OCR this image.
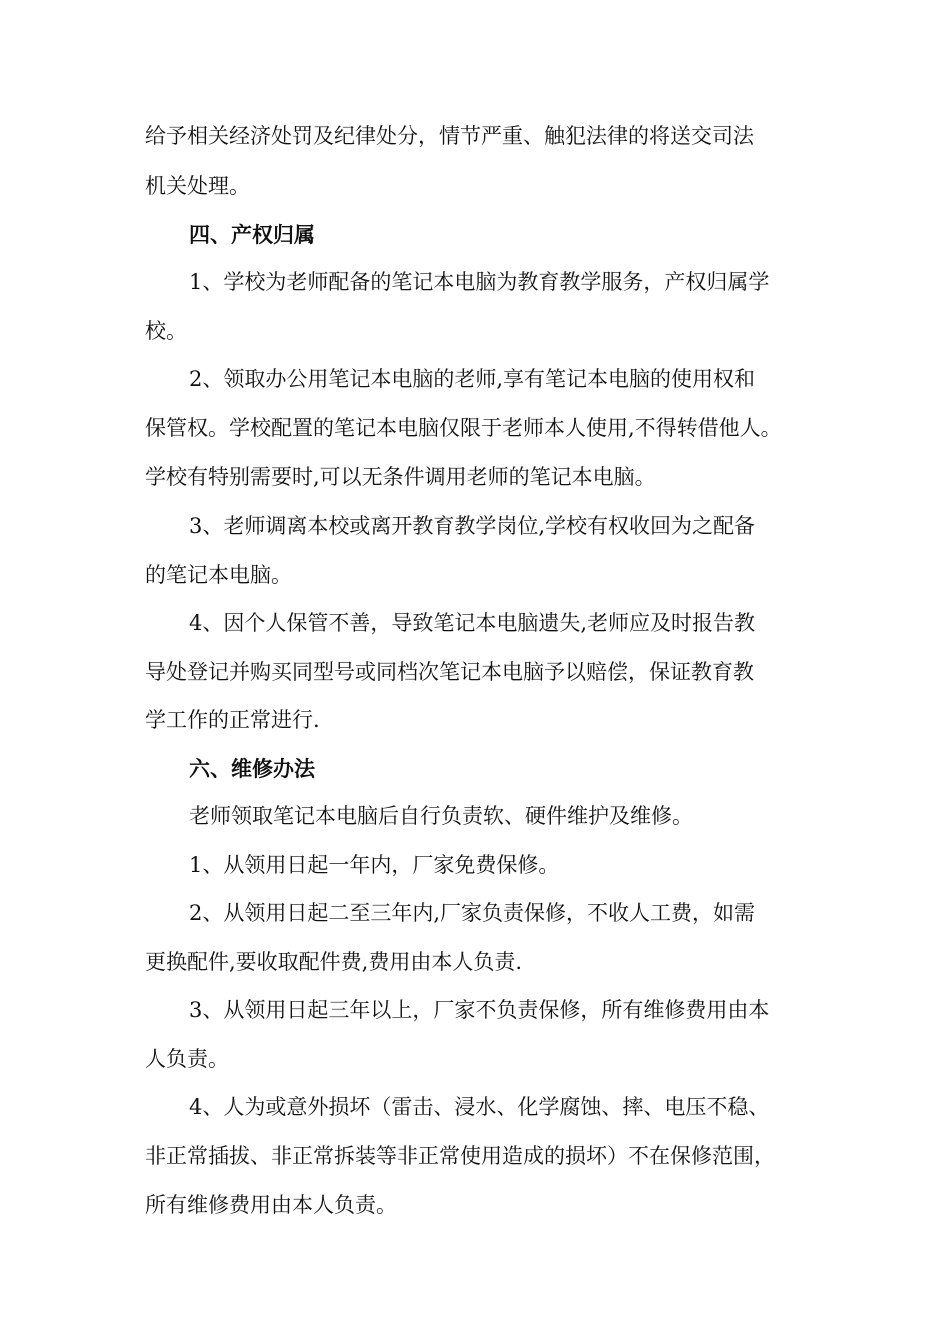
给予相关经济处罚及纪律处分，情节严重、触犯法律的将送交司法
机关处理。
四、产权归属
1、学校为老师配备的笔记本电脑为教育教学服务，产权归属学
校。
2、领取办公用笔记本电脑的老师,享有笔记本电脑的使用权和
保管权。学校配置的笔记本电脑仅限于老师本人使用,不得转借他人。
学校有特别需要时,可以无条件调用老师的笔记本电脑。
3、老师调离本校或离开教育教学岗位,学校有权收回为之配备
的笔记本电脑。
4、因个人保管不善，导致笔记本电脑遗失,老师应及时报告教
导处登记并购买同型号或同档次笔记本电脑予以赔偿，保证教育教
学工作的正常进行.
六、维修办法
老师领取笔记本电脑后自行负责软、硬件维护及维修。
1、从领用日起一年内，厂家免费保修。
2、从领用日起二至三年内,厂家负责保修，不收人工费，如需
更换配件,要收取配件费,费用由本人负责.
3、从领用日起三年以上，厂家不负责保修，所有维修费用由本
人负责。
4、人为或意外损坏（雷击、浸水、化学腐蚀、摔、电压不稳、
非正常插拔、非正常拆装等非正常使用造成的损坏）不在保修范围，
所有维修费用由本人负责。
